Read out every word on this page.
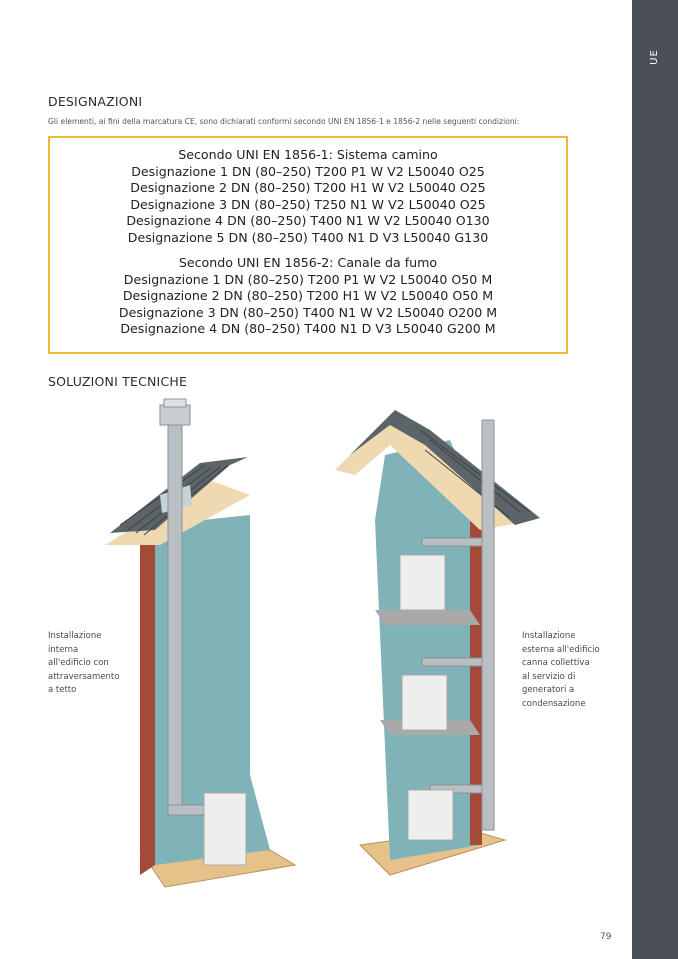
UE
DESIGNAZIONI
Gli elementi, ai fini della marcatura CE, sono dichiarati conformi secondo UNI EN 1856-1 e 1856-2 nelle seguenti condizioni:
Secondo UNI EN 1856-1: Sistema camino
Designazione 1 DN (80–250) T200 P1 W V2 L50040 O25
Designazione 2 DN (80–250) T200 H1 W V2 L50040 O25
Designazione 3 DN (80–250) T250 N1 W V2 L50040 O25
Designazione 4 DN (80–250) T400 N1 W V2 L50040 O130
Designazione 5 DN (80–250) T400 N1 D V3 L50040 G130
Secondo UNI EN 1856-2: Canale da fumo
Designazione 1 DN (80–250) T200 P1 W V2 L50040 O50 M
Designazione 2 DN (80–250) T200 H1 W V2 L50040 O50 M
Designazione 3 DN (80–250) T400 N1 W V2 L50040 O200 M
Designazione 4 DN (80–250) T400 N1 D V3 L50040 G200 M
SOLUZIONI TECNICHE
Installazione
interna
all'edificio con
attraversamento
a tetto
Installazione
esterna all'edificio
canna collettiva
al servizio di
generatori a
condensazione
79
